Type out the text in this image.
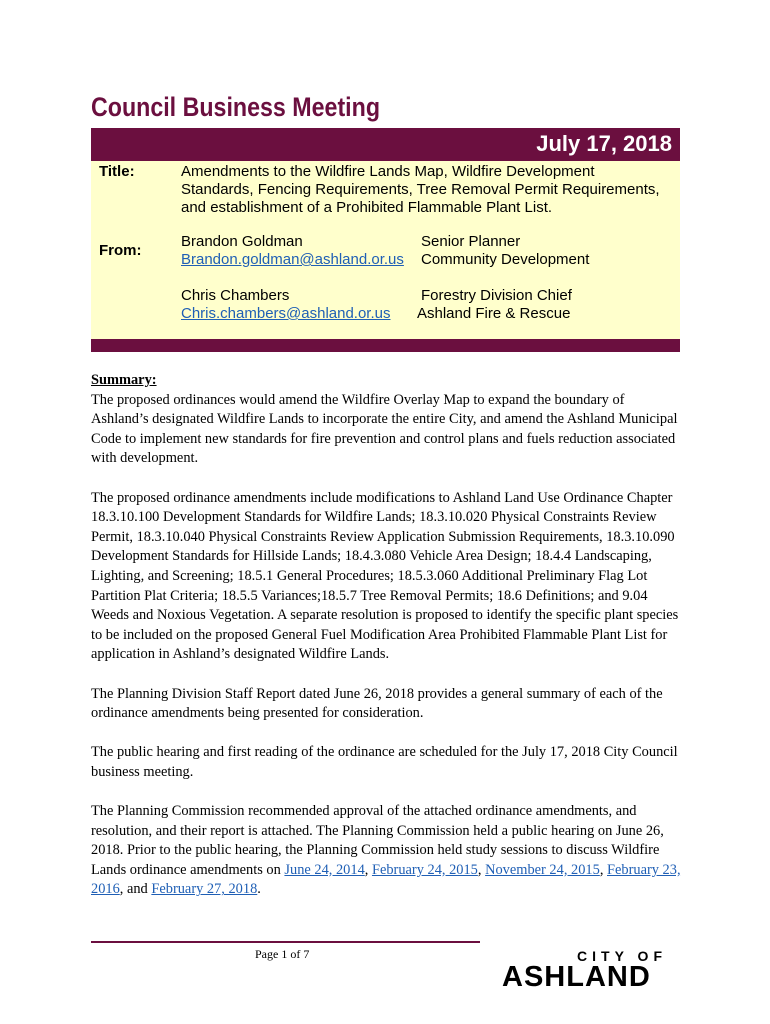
Council Business Meeting
July 17, 2018
Title:	Amendments to the Wildfire Lands Map, Wildfire Development
Standards, Fencing Requirements, Tree Removal Permit Requirements,
and establishment of a Prohibited Flammable Plant List.
From:
Brandon Goldman
Brandon.goldman@ashland.or.us
Senior Planner
Community Development
Chris Chambers
Chris.chambers@ashland.or.us
Forestry Division Chief
Ashland Fire & Rescue
Summary:

The proposed ordinances would amend the Wildfire Overlay Map to expand the boundary of Ashland’s designated Wildfire Lands to incorporate the entire City, and amend the Ashland Municipal Code to implement new standards for fire prevention and control plans and fuels reduction associated with development.

The proposed ordinance amendments include modifications to Ashland Land Use Ordinance Chapter 18.3.10.100 Development Standards for Wildfire Lands; 18.3.10.020 Physical Constraints Review Permit, 18.3.10.040 Physical Constraints Review Application Submission Requirements, 18.3.10.090 Development Standards for Hillside Lands; 18.4.3.080 Vehicle Area Design; 18.4.4 Landscaping, Lighting, and Screening; 18.5.1 General Procedures; 18.5.3.060 Additional Preliminary Flag Lot Partition Plat Criteria; 18.5.5 Variances;18.5.7 Tree Removal Permits; 18.6 Definitions; and 9.04 Weeds and Noxious Vegetation. A separate resolution is proposed to identify the specific plant species to be included on the proposed General Fuel Modification Area Prohibited Flammable Plant List for application in Ashland’s designated Wildfire Lands.

The Planning Division Staff Report dated June 26, 2018 provides a general summary of each of the ordinance amendments being presented for consideration.

The public hearing and first reading of the ordinance are scheduled for the July 17, 2018 City Council business meeting.

The Planning Commission recommended approval of the attached ordinance amendments, and resolution, and their report is attached. The Planning Commission held a public hearing on June 26, 2018. Prior to the public hearing, the Planning Commission held study sessions to discuss Wildfire Lands ordinance amendments on June 24, 2014, February 24, 2015, November 24, 2015, February 23, 2016, and February 27, 2018.

Page 1 of 7	CITY OF
ASHLAND
